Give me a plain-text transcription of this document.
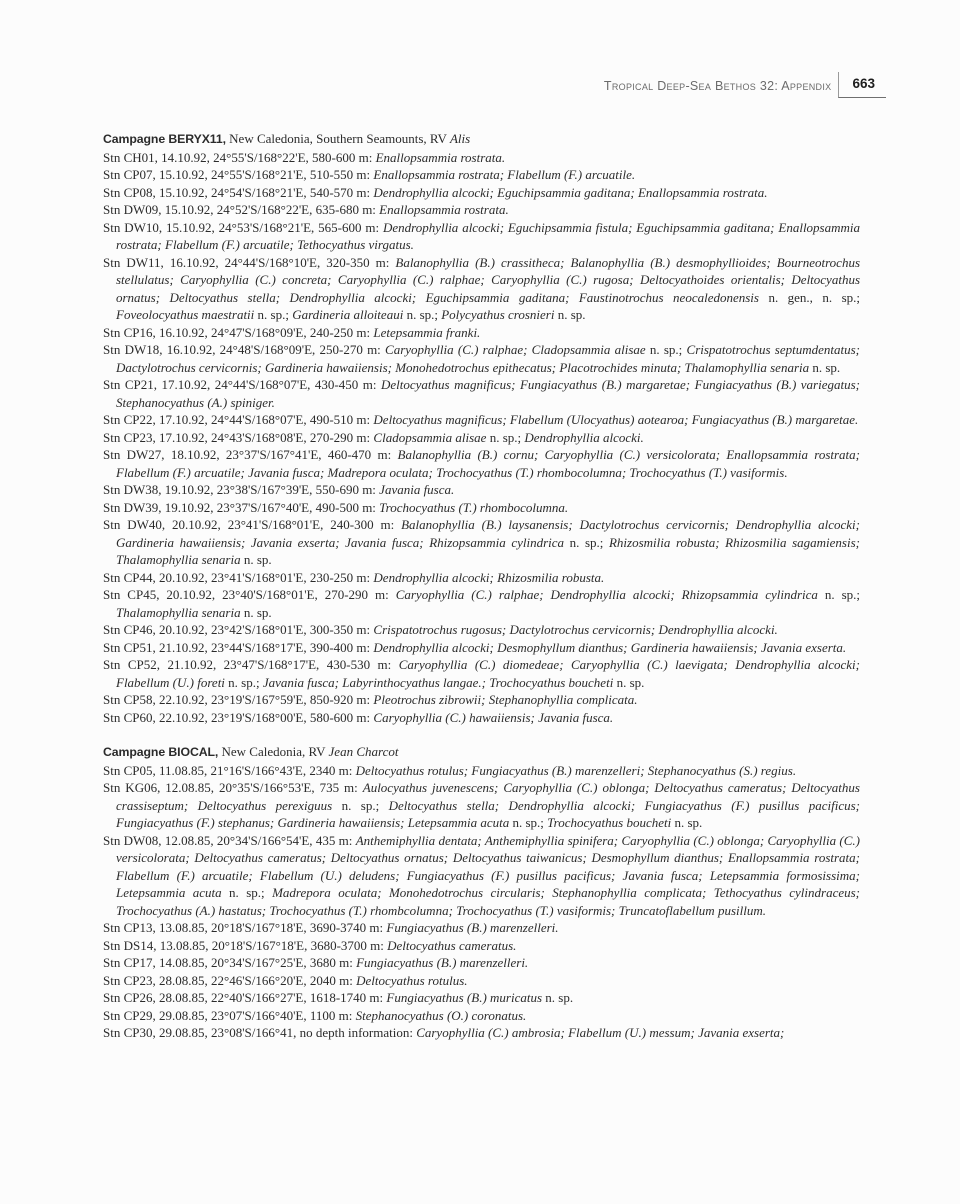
Tropical Deep-Sea Bethos 32: Appendix	663

Campagne BERYX11, New Caledonia, Southern Seamounts, RV Alis

Stn CH01, 14.10.92, 24°55'S/168°22'E, 580-600 m: Enallopsammia rostrata.

Stn CP07, 15.10.92, 24°55'S/168°21'E, 510-550 m: Enallopsammia rostrata; Flabellum (F.) arcuatile.

Stn CP08, 15.10.92, 24°54'S/168°21'E, 540-570 m: Dendrophyllia alcocki; Eguchipsammia gaditana; Enallopsammia rostrata.

Stn DW09, 15.10.92, 24°52'S/168°22'E, 635-680 m: Enallopsammia rostrata.

Stn DW10, 15.10.92, 24°53'S/168°21'E, 565-600 m: Dendrophyllia alcocki; Eguchipsammia fistula; Eguchipsammia gaditana; Enallopsammia rostrata; Flabellum (F.) arcuatile; Tethocyathus virgatus.

Stn DW11, 16.10.92, 24°44'S/168°10'E, 320-350 m: Balanophyllia (B.) crassitheca; Balanophyllia (B.) desmophyllioides; Bourneotrochus stellulatus; Caryophyllia (C.) concreta; Caryophyllia (C.) ralphae; Caryophyllia (C.) rugosa; Deltocyathoides orientalis; Deltocyathus ornatus; Deltocyathus stella; Dendrophyllia alcocki; Eguchipsammia gaditana; Faustinotrochus neocaledonensis n. gen., n. sp.; Foveolocyathus maestratii n. sp.; Gardineria alloiteaui n. sp.; Polycyathus crosnieri n. sp.

Stn CP16, 16.10.92, 24°47'S/168°09'E, 240-250 m: Letepsammia franki.

Stn DW18, 16.10.92, 24°48'S/168°09'E, 250-270 m: Caryophyllia (C.) ralphae; Cladopsammia alisae n. sp.; Crispatotrochus septumdentatus; Dactylotrochus cervicornis; Gardineria hawaiiensis; Monohedotrochus epithecatus; Placotrochides minuta; Thalamophyllia senaria n. sp.

Stn CP21, 17.10.92, 24°44'S/168°07'E, 430-450 m: Deltocyathus magnificus; Fungiacyathus (B.) margaretae; Fungiacyathus (B.) variegatus; Stephanocyathus (A.) spiniger.

Stn CP22, 17.10.92, 24°44'S/168°07'E, 490-510 m: Deltocyathus magnificus; Flabellum (Ulocyathus) aotearoa; Fungiacyathus (B.) margaretae.

Stn CP23, 17.10.92, 24°43'S/168°08'E, 270-290 m: Cladopsammia alisae n. sp.; Dendrophyllia alcocki.

Stn DW27, 18.10.92, 23°37'S/167°41'E, 460-470 m: Balanophyllia (B.) cornu; Caryophyllia (C.) versicolorata; Enallopsammia rostrata; Flabellum (F.) arcuatile; Javania fusca; Madrepora oculata; Trochocyathus (T.) rhombocolumna; Trochocyathus (T.) vasiformis.

Stn DW38, 19.10.92, 23°38'S/167°39'E, 550-690 m: Javania fusca.

Stn DW39, 19.10.92, 23°37'S/167°40'E, 490-500 m: Trochocyathus (T.) rhombocolumna.

Stn DW40, 20.10.92, 23°41'S/168°01'E, 240-300 m: Balanophyllia (B.) laysanensis; Dactylotrochus cervicornis; Dendrophyllia alcocki; Gardineria hawaiiensis; Javania exserta; Javania fusca; Rhizopsammia cylindrica n. sp.; Rhizosmilia robusta; Rhizosmilia sagamiensis; Thalamophyllia senaria n. sp.

Stn CP44, 20.10.92, 23°41'S/168°01'E, 230-250 m: Dendrophyllia alcocki; Rhizosmilia robusta.

Stn CP45, 20.10.92, 23°40'S/168°01'E, 270-290 m: Caryophyllia (C.) ralphae; Dendrophyllia alcocki; Rhizopsammia cylindrica n. sp.; Thalamophyllia senaria n. sp.

Stn CP46, 20.10.92, 23°42'S/168°01'E, 300-350 m: Crispatotrochus rugosus; Dactylotrochus cervicornis; Dendrophyllia alcocki.

Stn CP51, 21.10.92, 23°44'S/168°17'E, 390-400 m: Dendrophyllia alcocki; Desmophyllum dianthus; Gardineria hawaiiensis; Javania exserta.

Stn CP52, 21.10.92, 23°47'S/168°17'E, 430-530 m: Caryophyllia (C.) diomedeae; Caryophyllia (C.) laevigata; Dendrophyllia alcocki; Flabellum (U.) foreti n. sp.; Javania fusca; Labyrinthocyathus langae.; Trochocyathus boucheti n. sp.

Stn CP58, 22.10.92, 23°19'S/167°59'E, 850-920 m: Pleotrochus zibrowii; Stephanophyllia complicata.

Stn CP60, 22.10.92, 23°19'S/168°00'E, 580-600 m: Caryophyllia (C.) hawaiiensis; Javania fusca.

Campagne BIOCAL, New Caledonia, RV Jean Charcot

Stn CP05, 11.08.85, 21°16'S/166°43'E, 2340 m: Deltocyathus rotulus; Fungiacyathus (B.) marenzelleri; Stephanocyathus (S.) regius.

Stn KG06, 12.08.85, 20°35'S/166°53'E, 735 m: Aulocyathus juvenescens; Caryophyllia (C.) oblonga; Deltocyathus cameratus; Deltocyathus crassiseptum; Deltocyathus perexiguus n. sp.; Deltocyathus stella; Dendrophyllia alcocki; Fungiacyathus (F.) pusillus pacificus; Fungiacyathus (F.) stephanus; Gardineria hawaiiensis; Letepsammia acuta n. sp.; Trochocyathus boucheti n. sp.

Stn DW08, 12.08.85, 20°34'S/166°54'E, 435 m: Anthemiphyllia dentata; Anthemiphyllia spinifera; Caryophyllia (C.) oblonga; Caryophyllia (C.) versicolorata; Deltocyathus cameratus; Deltocyathus ornatus; Deltocyathus taiwanicus; Desmophyllum dianthus; Enallopsammia rostrata; Flabellum (F.) arcuatile; Flabellum (U.) deludens; Fungiacyathus (F.) pusillus pacificus; Javania fusca; Letepsammia formosissima; Letepsammia acuta n. sp.; Madrepora oculata; Monohedotrochus circularis; Stephanophyllia complicata; Tethocyathus cylindraceus; Trochocyathus (A.) hastatus; Trochocyathus (T.) rhombcolumna; Trochocyathus (T.) vasiformis; Truncatoflabellum pusillum.

Stn CP13, 13.08.85, 20°18'S/167°18'E, 3690-3740 m: Fungiacyathus (B.) marenzelleri.

Stn DS14, 13.08.85, 20°18'S/167°18'E, 3680-3700 m: Deltocyathus cameratus.

Stn CP17, 14.08.85, 20°34'S/167°25'E, 3680 m: Fungiacyathus (B.) marenzelleri.

Stn CP23, 28.08.85, 22°46'S/166°20'E, 2040 m: Deltocyathus rotulus.

Stn CP26, 28.08.85, 22°40'S/166°27'E, 1618-1740 m: Fungiacyathus (B.) muricatus n. sp.

Stn CP29, 29.08.85, 23°07'S/166°40'E, 1100 m: Stephanocyathus (O.) coronatus.

Stn CP30, 29.08.85, 23°08'S/166°41, no depth information: Caryophyllia (C.) ambrosia; Flabellum (U.) messum; Javania exserta;
